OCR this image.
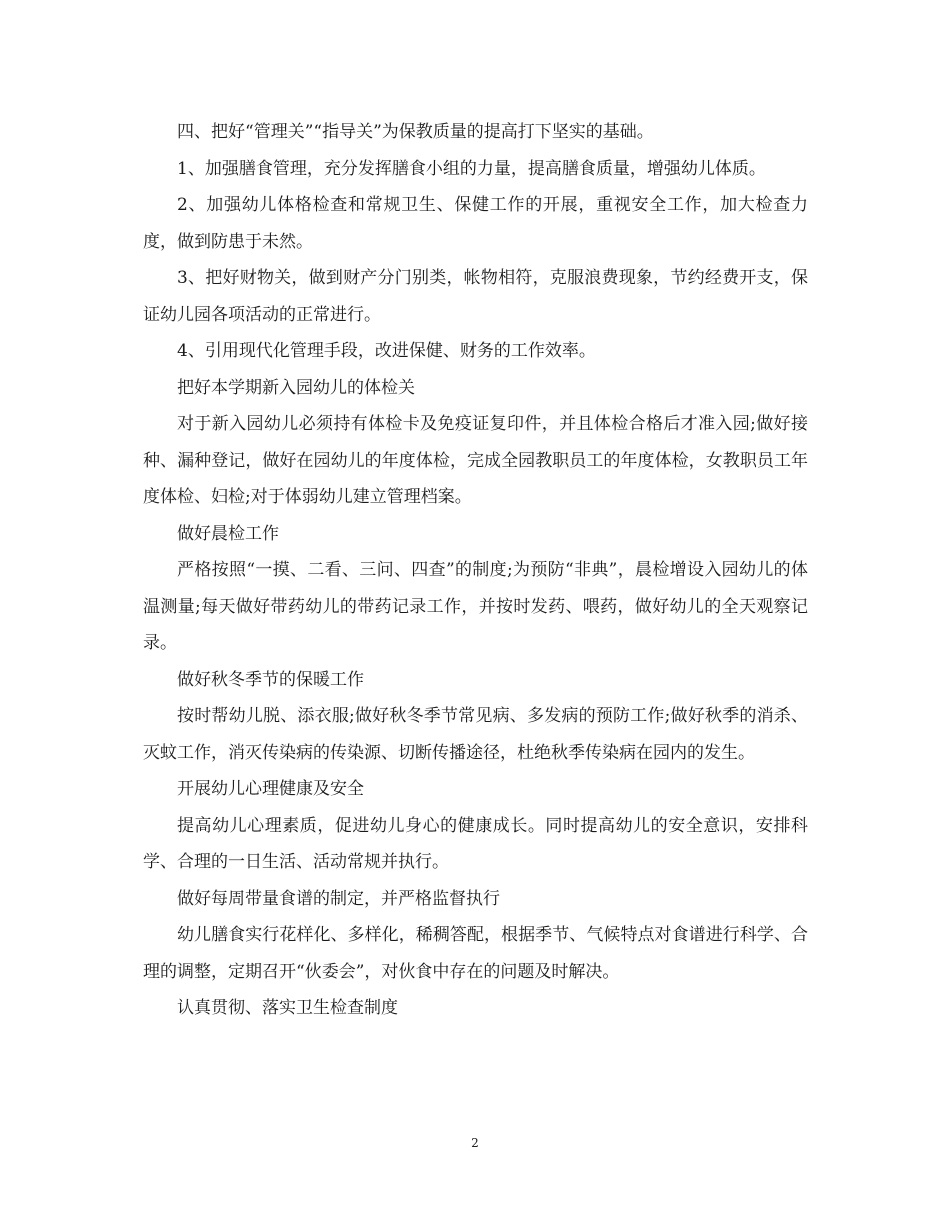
四、把好“管理关”“指导关”为保教质量的提高打下坚实的基础。

1、加强膳食管理，充分发挥膳食小组的力量，提高膳食质量，增强幼儿体质。

2、加强幼儿体格检查和常规卫生、保健工作的开展，重视安全工作，加大检查力度，做到防患于未然。

3、把好财物关，做到财产分门别类，帐物相符，克服浪费现象，节约经费开支，保证幼儿园各项活动的正常进行。

4、引用现代化管理手段，改进保健、财务的工作效率。

把好本学期新入园幼儿的体检关

对于新入园幼儿必须持有体检卡及免疫证复印件，并且体检合格后才准入园;做好接种、漏种登记，做好在园幼儿的年度体检，完成全园教职员工的年度体检，女教职员工年度体检、妇检;对于体弱幼儿建立管理档案。

做好晨检工作

严格按照“一摸、二看、三问、四查”的制度;为预防“非典”，晨检增设入园幼儿的体温测量;每天做好带药幼儿的带药记录工作，并按时发药、喂药，做好幼儿的全天观察记录。

做好秋冬季节的保暖工作

按时帮幼儿脱、添衣服;做好秋冬季节常见病、多发病的预防工作;做好秋季的消杀、灭蚊工作，消灭传染病的传染源、切断传播途径，杜绝秋季传染病在园内的发生。

开展幼儿心理健康及安全

提高幼儿心理素质，促进幼儿身心的健康成长。同时提高幼儿的安全意识，安排科学、合理的一日生活、活动常规并执行。

做好每周带量食谱的制定，并严格监督执行

幼儿膳食实行花样化、多样化，稀稠答配，根据季节、气候特点对食谱进行科学、合理的调整，定期召开“伙委会”，对伙食中存在的问题及时解决。

认真贯彻、落实卫生检查制度

2
